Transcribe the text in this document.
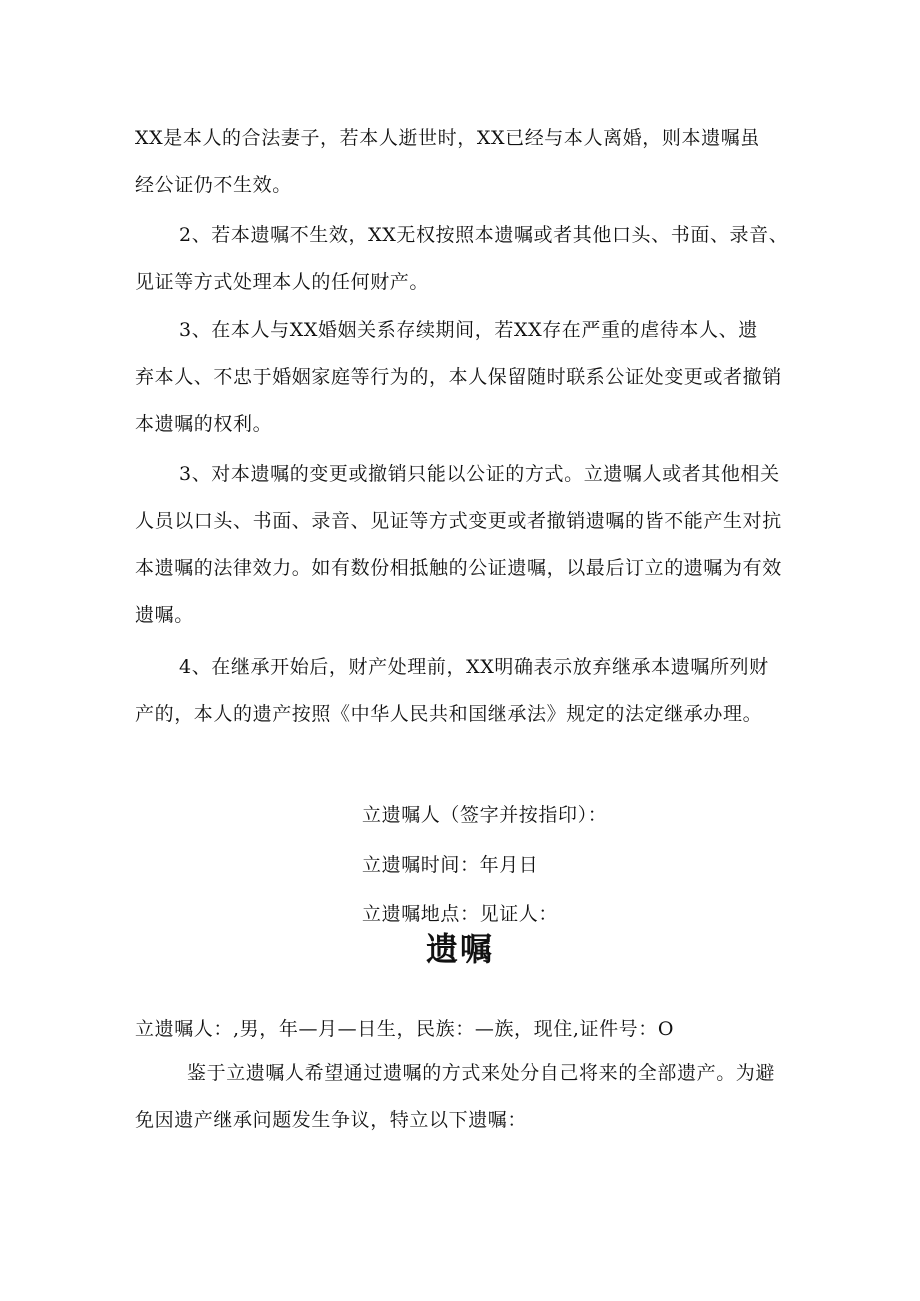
XX是本人的合法妻子，若本人逝世时，XX已经与本人离婚，则本遗嘱虽
经公证仍不生效。

2、若本遗嘱不生效，XX无权按照本遗嘱或者其他口头、书面、录音、
见证等方式处理本人的任何财产。

3、在本人与XX婚姻关系存续期间，若XX存在严重的虐待本人、遗
弃本人、不忠于婚姻家庭等行为的，本人保留随时联系公证处变更或者撤销
本遗嘱的权利。

3、对本遗嘱的变更或撤销只能以公证的方式。立遗嘱人或者其他相关
人员以口头、书面、录音、见证等方式变更或者撤销遗嘱的皆不能产生对抗
本遗嘱的法律效力。如有数份相抵触的公证遗嘱，以最后订立的遗嘱为有效
遗嘱。

4、在继承开始后，财产处理前，XX明确表示放弃继承本遗嘱所列财
产的，本人的遗产按照《中华人民共和国继承法》规定的法定继承办理。

立遗嘱人（签字并按指印）：

立遗嘱时间：年月日

立遗嘱地点：见证人：

遗嘱

立遗嘱人：,男，年—月—日生，民族：—族，现住,证件号：O

鉴于立遗嘱人希望通过遗嘱的方式来处分自己将来的全部遗产。为避
免因遗产继承问题发生争议，特立以下遗嘱：
